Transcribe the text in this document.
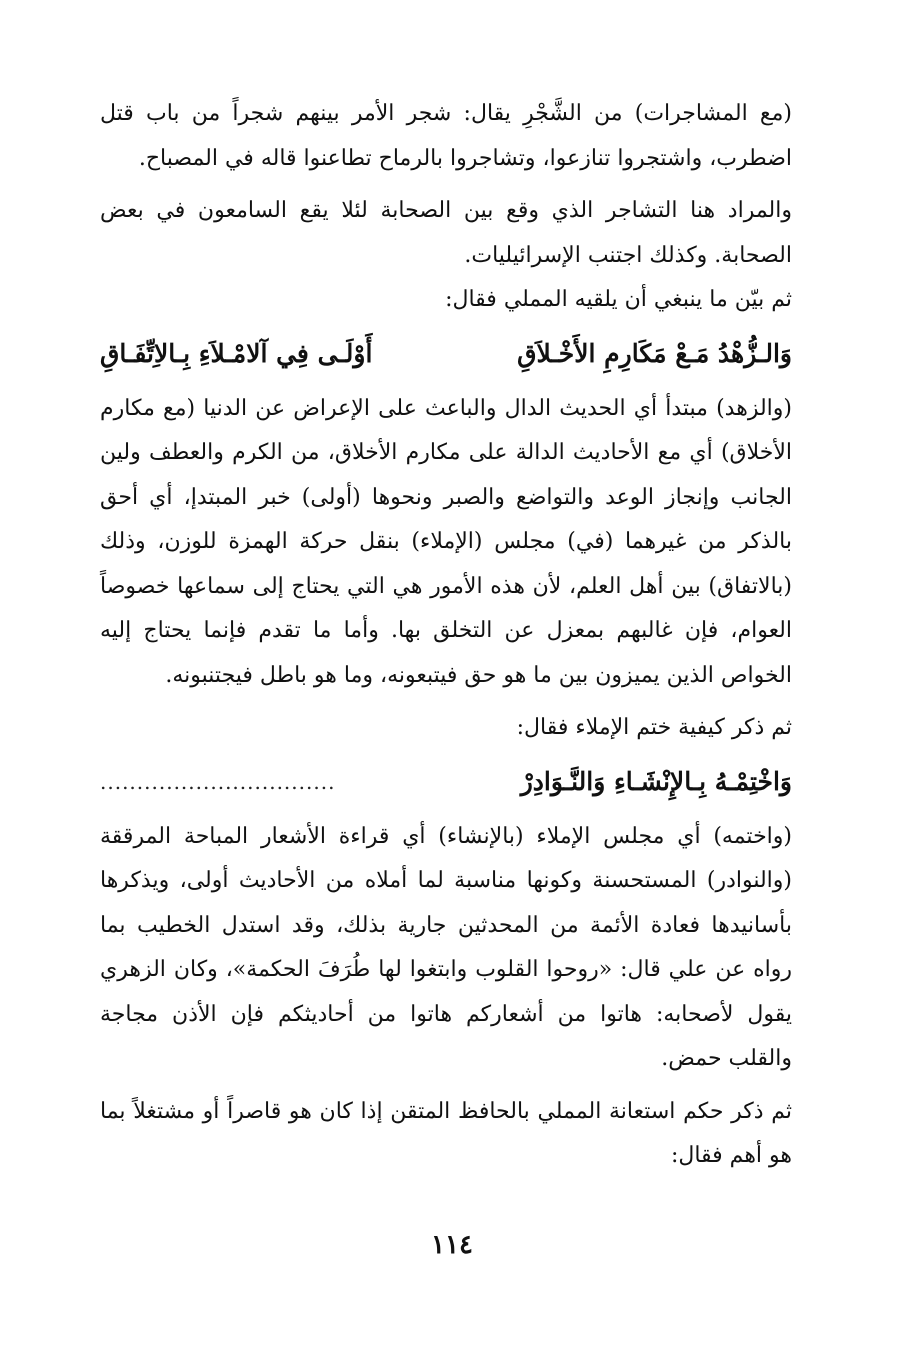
(مع المشاجرات) من الشَّجْرِ يقال: شجر الأمر بينهم شجراً من باب قتل اضطرب، واشتجروا تنازعوا، وتشاجروا بالرماح تطاعنوا قاله في المصباح.

والمراد هنا التشاجر الذي وقع بين الصحابة لئلا يقع السامعون في بعض الصحابة. وكذلك اجتنب الإسرائيليات.

ثم بيّن ما ينبغي أن يلقيه المملي فقال:

وَالـزُّهْدُ مَـعْ مَكَارِمِ الأَخْـلاَقِ
أَوْلَـى فِي آلامْـلاَءِ بِـالاِتِّفَـاقِ

(والزهد) مبتدأ أي الحديث الدال والباعث على الإعراض عن الدنيا (مع مكارم الأخلاق) أي مع الأحاديث الدالة على مكارم الأخلاق، من الكرم والعطف ولين الجانب وإنجاز الوعد والتواضع والصبر ونحوها (أولى) خبر المبتدإ، أي أحق بالذكر من غيرهما (في) مجلس (الإملاء) بنقل حركة الهمزة للوزن، وذلك (بالاتفاق) بين أهل العلم، لأن هذه الأمور هي التي يحتاج إلى سماعها خصوصاً العوام، فإن غالبهم بمعزل عن التخلق بها. وأما ما تقدم فإنما يحتاج إليه الخواص الذين يميزون بين ما هو حق فيتبعونه، وما هو باطل فيجتنبونه.

ثم ذكر كيفية ختم الإملاء فقال:

وَاخْتِمْـهُ بِـالإِنْشَـاءِ وَالنَّـوَادِرْ
................................

(واختمه) أي مجلس الإملاء (بالإنشاء) أي قراءة الأشعار المباحة المرققة (والنوادر) المستحسنة وكونها مناسبة لما أملاه من الأحاديث أولى، ويذكرها بأسانيدها فعادة الأئمة من المحدثين جارية بذلك، وقد استدل الخطيب بما رواه عن علي قال: «روحوا القلوب وابتغوا لها طُرَفَ الحكمة»، وكان الزهري يقول لأصحابه: هاتوا من أشعاركم هاتوا من أحاديثكم فإن الأذن مجاجة والقلب حمض.

ثم ذكر حكم استعانة المملي بالحافظ المتقن إذا كان هو قاصراً أو مشتغلاً بما هو أهم فقال:

١١٤
